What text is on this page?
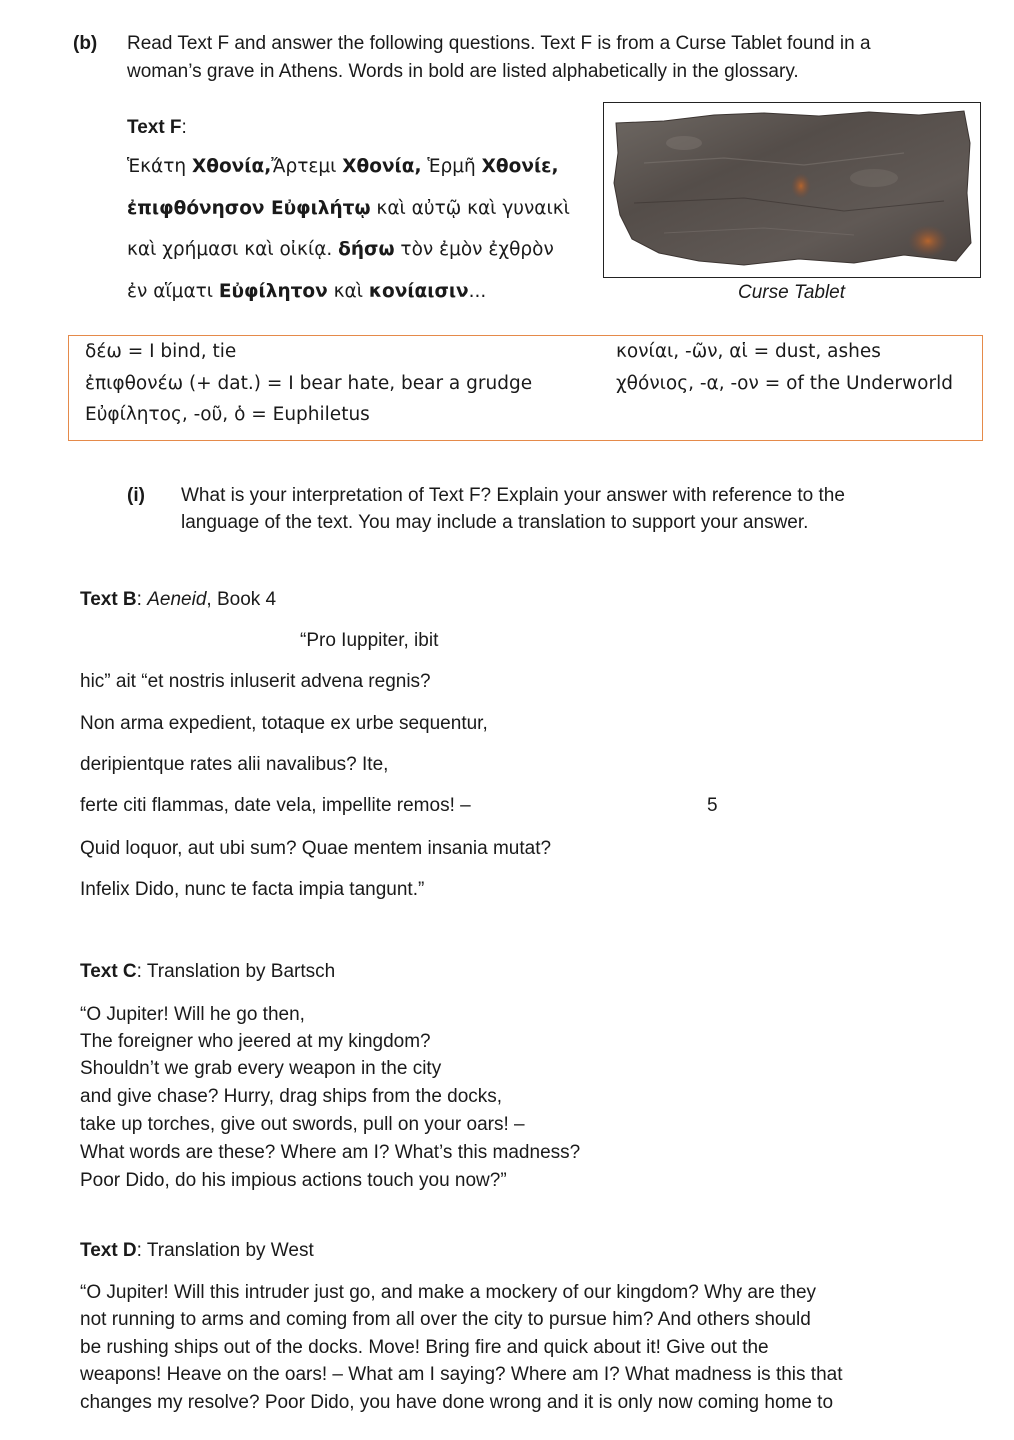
(b) Read Text F and answer the following questions. Text F is from a Curse Tablet found in a
woman’s grave in Athens. Words in bold are listed alphabetically in the glossary.
Text F:
Ἑκάτη Χθονία,Ἄρτεμι Χθονία, Ἑρμῆ Χθονίε,
ἐπιφθόνησον Εὐφιλήτῳ καὶ αὐτῷ καὶ γυναικὶ
καὶ χρήμασι καὶ οἰκίᾳ. δήσω τὸν ἐμὸν ἐχθρὸν
ἐν αἵματι Εὐφίλητον καὶ κονίαισιν...	Curse Tablet
δέω = I bind, tie
ἐπιφθονέω (+ dat.) = I bear hate, bear a grudge
Εὐφίλητος, -οῦ, ὁ = Euphiletus
κονίαι, -ῶν, αἱ = dust, ashes
χθόνιος, -α, -ον = of the Underworld
(i) What is your interpretation of Text F? Explain your answer with reference to the
language of the text. You may include a translation to support your answer.
Text B: Aeneid, Book 4
“Pro Iuppiter, ibit
hic” ait “et nostris inluserit advena regnis?
Non arma expedient, totaque ex urbe sequentur,
deripientque rates alii navalibus? Ite,
ferte citi flammas, date vela, impellite remos! –	5
Quid loquor, aut ubi sum? Quae mentem insania mutat?
Infelix Dido, nunc te facta impia tangunt.”
Text C: Translation by Bartsch
“O Jupiter! Will he go then,
The foreigner who jeered at my kingdom?
Shouldn’t we grab every weapon in the city
and give chase? Hurry, drag ships from the docks,
take up torches, give out swords, pull on your oars! –
What words are these? Where am I? What’s this madness?
Poor Dido, do his impious actions touch you now?”
Text D: Translation by West
“O Jupiter! Will this intruder just go, and make a mockery of our kingdom? Why are they
not running to arms and coming from all over the city to pursue him? And others should
be rushing ships out of the docks. Move! Bring fire and quick about it! Give out the
weapons! Heave on the oars! – What am I saying? Where am I? What madness is this that
changes my resolve? Poor Dido, you have done wrong and it is only now coming home to
